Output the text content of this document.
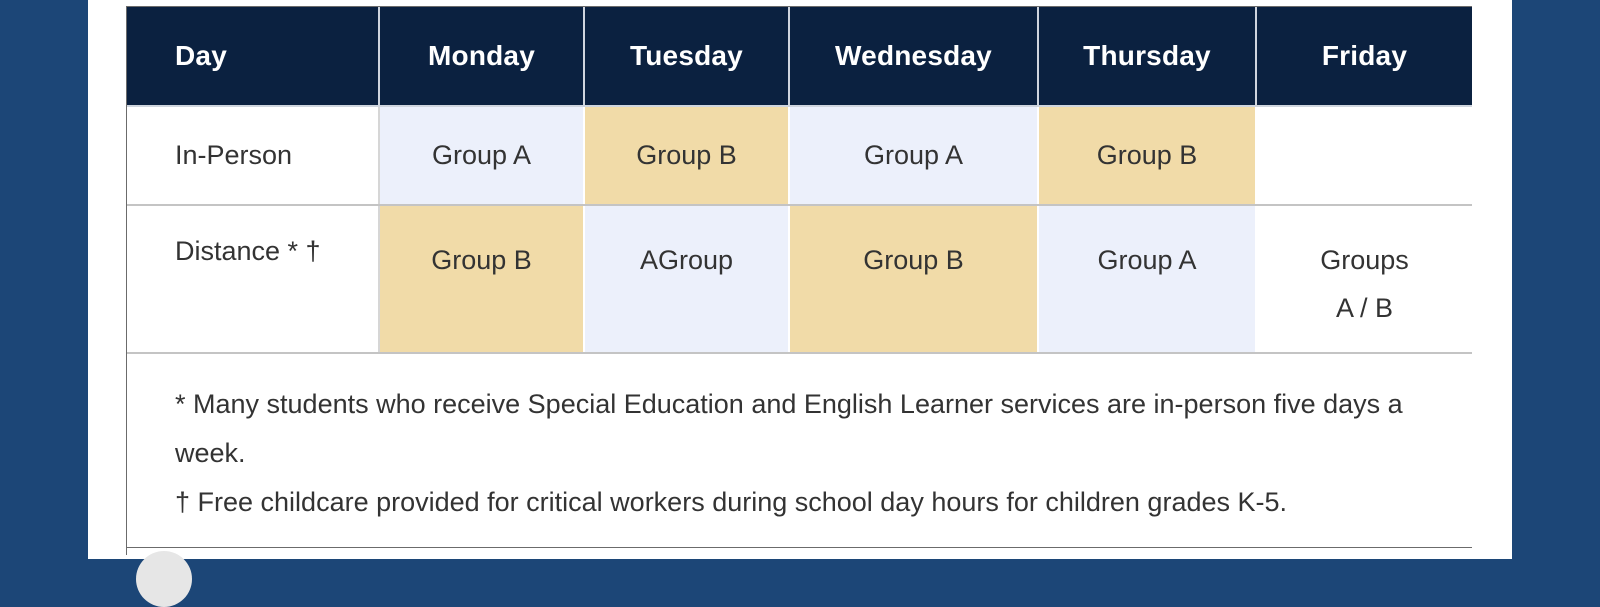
Day	Monday	Tuesday	Wednesday	Thursday	Friday
In-Person	Group A	Group B	Group A	Group B	
Distance * †	Group B	AGroup	Group B	Group A	Groups
A / B

* Many students who receive Special Education and English Learner services are in-person five days a week.
† Free childcare provided for critical workers during school day hours for children grades K-5.					
